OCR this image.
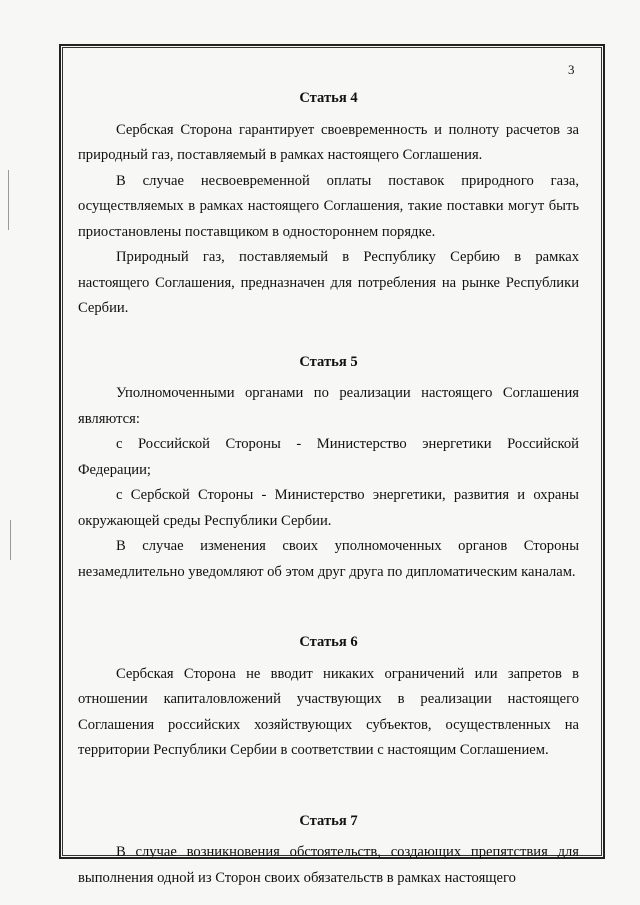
3
Статья 4

Сербская Сторона гарантирует своевременность и полноту расчетов за природный газ, поставляемый в рамках настоящего Соглашения.

В случае несвоевременной оплаты поставок природного газа, осуществляемых в рамках настоящего Соглашения, такие поставки могут быть приостановлены поставщиком в одностороннем порядке.

Природный газ, поставляемый в Республику Сербию в рамках настоящего Соглашения, предназначен для потребления на рынке Республики Сербии.

Статья 5

Уполномоченными органами по реализации настоящего Соглашения являются:

с Российской Стороны - Министерство энергетики Российской Федерации;

с Сербской Стороны - Министерство энергетики, развития и охраны окружающей среды Республики Сербии.

В случае изменения своих уполномоченных органов Стороны незамедлительно уведомляют об этом друг друга по дипломатическим каналам.

Статья 6

Сербская Сторона не вводит никаких ограничений или запретов в отношении капиталовложений участвующих в реализации настоящего Соглашения российских хозяйствующих субъектов, осуществленных на территории Республики Сербии в соответствии с настоящим Соглашением.

Статья 7

В случае возникновения обстоятельств, создающих препятствия для выполнения одной из Сторон своих обязательств в рамках настоящего
